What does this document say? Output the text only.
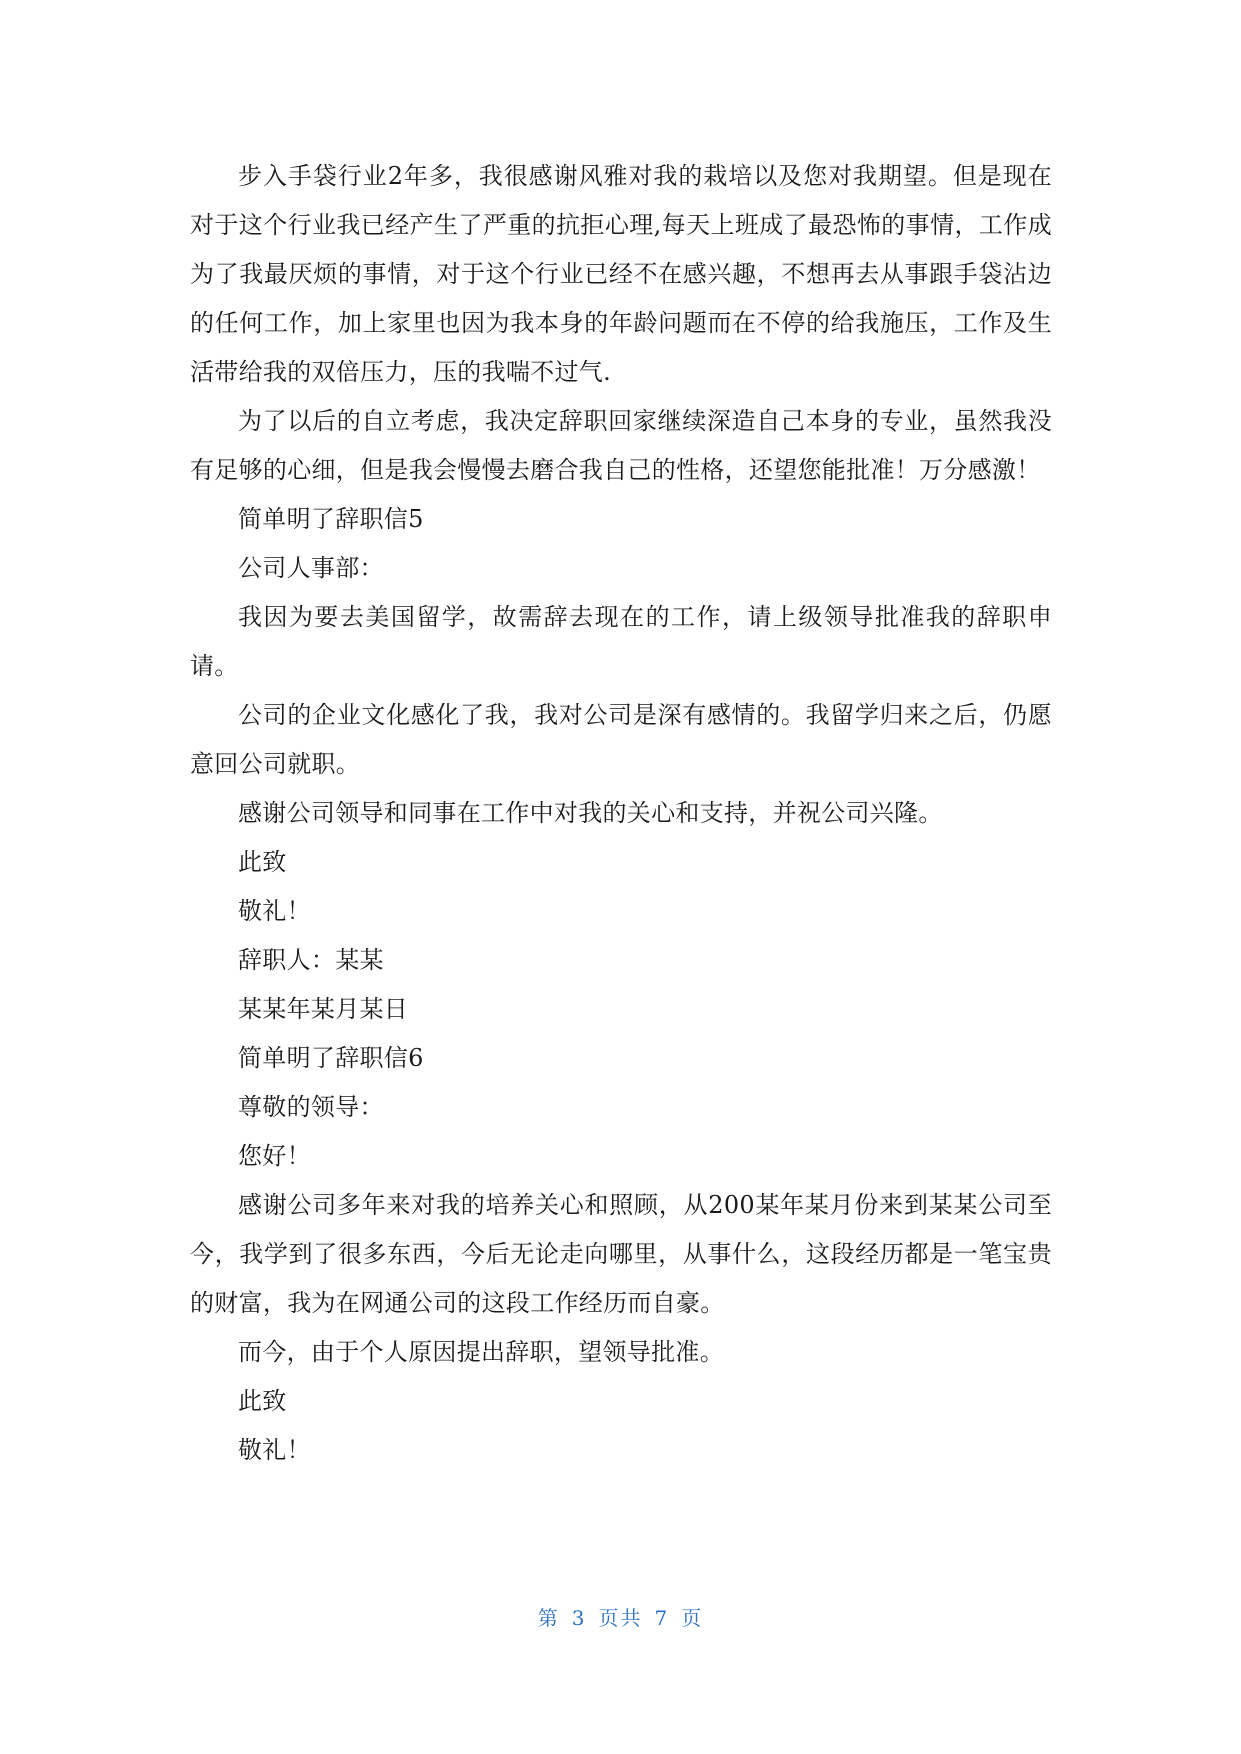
步入手袋行业2年多，我很感谢风雅对我的栽培以及您对我期望。但是现在对于这个行业我已经产生了严重的抗拒心理,每天上班成了最恐怖的事情，工作成为了我最厌烦的事情，对于这个行业已经不在感兴趣，不想再去从事跟手袋沾边的任何工作，加上家里也因为我本身的年龄问题而在不停的给我施压，工作及生活带给我的双倍压力，压的我喘不过气.

为了以后的自立考虑，我决定辞职回家继续深造自己本身的专业，虽然我没有足够的心细，但是我会慢慢去磨合我自己的性格，还望您能批准！万分感激！

简单明了辞职信5

公司人事部：

我因为要去美国留学，故需辞去现在的工作，请上级领导批准我的辞职申请。

公司的企业文化感化了我，我对公司是深有感情的。我留学归来之后，仍愿意回公司就职。

感谢公司领导和同事在工作中对我的关心和支持，并祝公司兴隆。

此致

敬礼！

辞职人：某某

某某年某月某日

简单明了辞职信6

尊敬的领导：

您好！

感谢公司多年来对我的培养关心和照顾，从200某年某月份来到某某公司至今，我学到了很多东西，今后无论走向哪里，从事什么，这段经历都是一笔宝贵的财富，我为在网通公司的这段工作经历而自豪。

而今，由于个人原因提出辞职，望领导批准。

此致

敬礼！

第 3 页共 7 页
